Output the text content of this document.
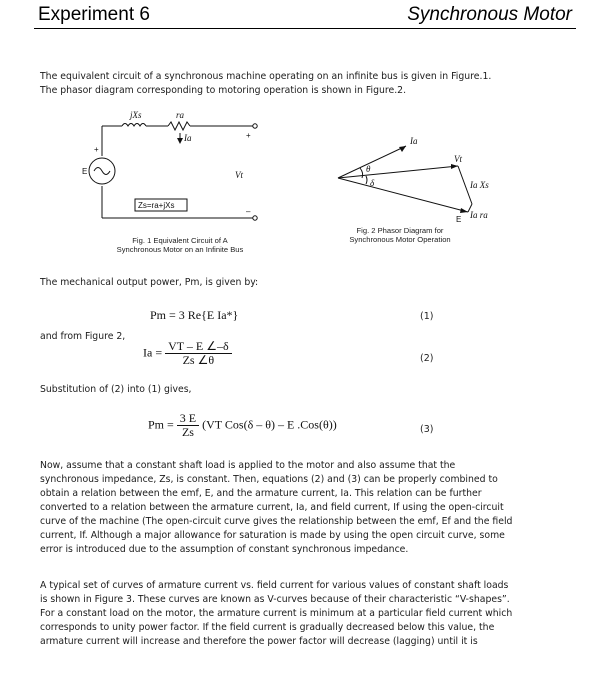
Experiment 6	Synchronous Motor

The equivalent circuit of a synchronous machine operating on an infinite bus is given in Figure.1.

The phasor diagram corresponding to motoring operation is shown in Figure.2.

Zs=ra+jXs
jXs	ra
Ia
E
+
+
–
Vt
Fig. 1 Equivalent Circuit of A Synchronous Motor on an Infinite Bus
Ia
Vt
Ia Xs
Ia ra
E
θ
δ
Fig. 2 Phasor Diagram for Synchronous Motor Operation

The mechanical output power, Pm, is given by:

Pm = 3 Re{E Ia*}	(1)

and from Figure 2,

$Ia = \frac{VT - E \angle-\delta}{Zs \angle\theta}$	(2)

Substitution of (2) into (1) gives,

$Pm = \frac{3 E}{Zs} (VT$ Cos(δ – θ) – E .Cos(θ))	(3)
Now, assume that a constant shaft load is applied to the motor and also assume that the
synchronous impedance, Zs, is constant. Then, equations (2) and (3) can be properly combined to
obtain a relation between the emf, E, and the armature current, Ia. This relation can be further
converted to a relation between the armature current, Ia, and field current, If using the open-circuit
curve of the machine (The open-circuit curve gives the relationship between the emf, Ef and the field
current, If. Although a major allowance for saturation is made by using the open circuit curve, some
error is introduced due to the assumption of constant synchronous impedance.
A typical set of curves of armature current vs. field current for various values of constant shaft loads
is shown in Figure 3. These curves are known as V-curves because of their characteristic “V-shapes”.
For a constant load on the motor, the armature current is minimum at a particular field current which
corresponds to unity power factor. If the field current is gradually decreased below this value, the
armature current will increase and therefore the power factor will decrease (lagging) until it is
